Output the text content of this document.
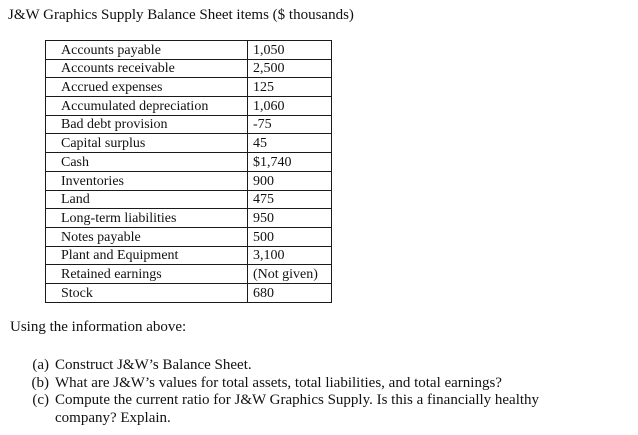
J&W Graphics Supply Balance Sheet items ($ thousands)
Accounts payable	1,050
Accounts receivable	2,500
Accrued expenses	125
Accumulated depreciation	1,060
Bad debt provision	-75
Capital surplus	45
Cash	$1,740
Inventories	900
Land	475
Long-term liabilities	950
Notes payable	500
Plant and Equipment	3,100
Retained earnings	(Not given)
Stock	680
Using the information above:
(a) Construct J&W’s Balance Sheet.
(b) What are J&W’s values for total assets, total liabilities, and total earnings?
(c) Compute the current ratio for J&W Graphics Supply. Is this a financially healthy company? Explain.
